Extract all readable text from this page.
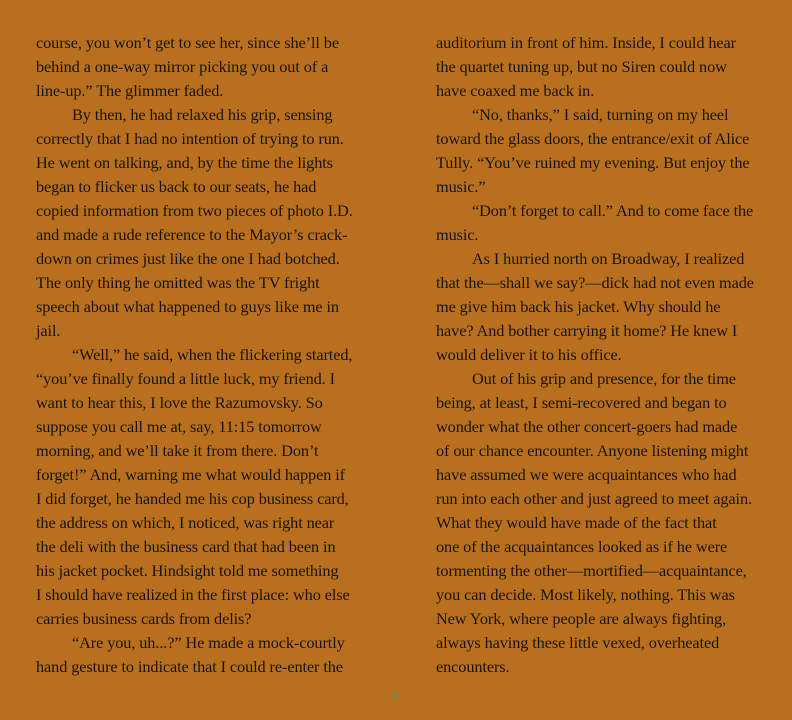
course, you won’t get to see her, since she’ll be
behind a one-way mirror picking you out of a
line-up.” The glimmer faded.
By then, he had relaxed his grip, sensing
correctly that I had no intention of trying to run.
He went on talking, and, by the time the lights
began to flicker us back to our seats, he had
copied information from two pieces of photo I.D.
and made a rude reference to the Mayor’s crack-
down on crimes just like the one I had botched.
The only thing he omitted was the TV fright
speech about what happened to guys like me in
jail.
“Well,” he said, when the flickering started,
“you’ve finally found a little luck, my friend. I
want to hear this, I love the Razumovsky. So
suppose you call me at, say, 11:15 tomorrow
morning, and we’ll take it from there. Don’t
forget!” And, warning me what would happen if
I did forget, he handed me his cop business card,
the address on which, I noticed, was right near
the deli with the business card that had been in
his jacket pocket. Hindsight told me something
I should have realized in the first place: who else
carries business cards from delis?
“Are you, uh...?” He made a mock-courtly
hand gesture to indicate that I could re-enter the
auditorium in front of him. Inside, I could hear
the quartet tuning up, but no Siren could now
have coaxed me back in.
“No, thanks,” I said, turning on my heel
toward the glass doors, the entrance/exit of Alice
Tully. “You’ve ruined my evening. But enjoy the
music.”
“Don’t forget to call.” And to come face the
music.
As I hurried north on Broadway, I realized
that the—shall we say?—dick had not even made
me give him back his jacket. Why should he
have? And bother carrying it home? He knew I
would deliver it to his office.
Out of his grip and presence, for the time
being, at least, I semi-recovered and began to
wonder what the other concert-goers had made
of our chance encounter. Anyone listening might
have assumed we were acquaintances who had
run into each other and just agreed to meet again.
What they would have made of the fact that
one of the acquaintances looked as if he were
tormenting the other—mortified—acquaintance,
you can decide. Most likely, nothing. This was
New York, where people are always fighting,
always having these little vexed, overheated
encounters.
6
